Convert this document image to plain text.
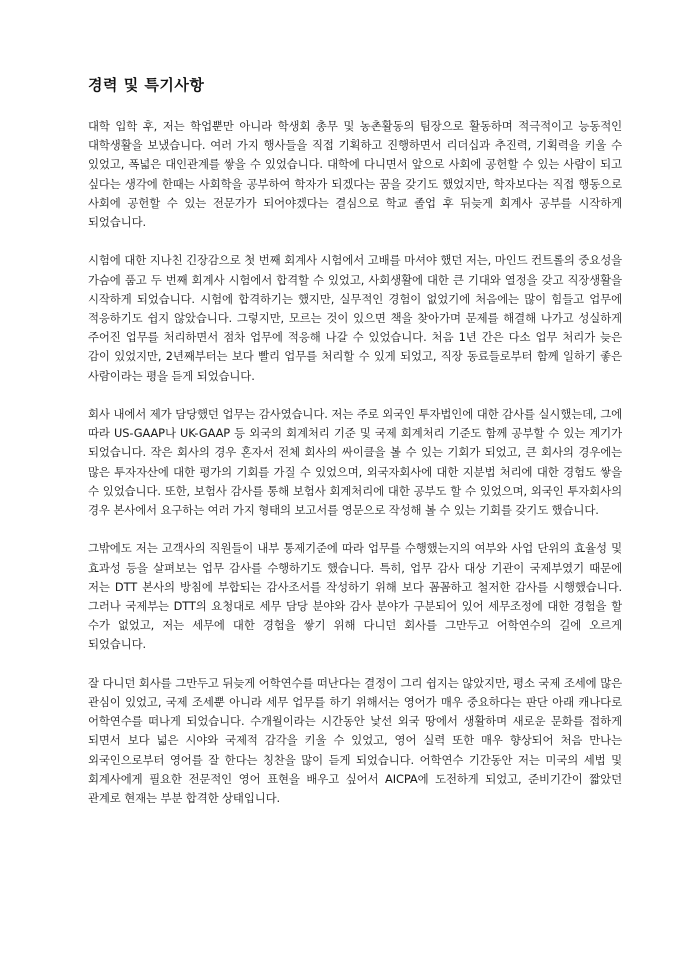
경력 및 특기사항

대학 입학 후, 저는 학업뿐만 아니라 학생회 총무 및 농촌활동의 팀장으로 활동하며 적극적이고 능동적인 대학생활을 보냈습니다. 여러 가지 행사들을 직접 기획하고 진행하면서 리더십과 추진력, 기획력을 키울 수 있었고, 폭넓은 대인관계를 쌓을 수 있었습니다. 대학에 다니면서 앞으로 사회에 공헌할 수 있는 사람이 되고 싶다는 생각에 한때는 사회학을 공부하여 학자가 되겠다는 꿈을 갖기도 했었지만, 학자보다는 직접 행동으로 사회에 공헌할 수 있는 전문가가 되어야겠다는 결심으로 학교 졸업 후 뒤늦게 회계사 공부를 시작하게 되었습니다.

시험에 대한 지나친 긴장감으로 첫 번째 회계사 시험에서 고배를 마셔야 했던 저는, 마인드 컨트롤의 중요성을 가슴에 품고 두 번째 회계사 시험에서 합격할 수 있었고, 사회생활에 대한 큰 기대와 열정을 갖고 직장생활을 시작하게 되었습니다. 시험에 합격하기는 했지만, 실무적인 경험이 없었기에 처음에는 많이 힘들고 업무에 적응하기도 쉽지 않았습니다. 그렇지만, 모르는 것이 있으면 책을 찾아가며 문제를 해결해 나가고 성실하게 주어진 업무를 처리하면서 점차 업무에 적응해 나갈 수 있었습니다. 처음 1년 간은 다소 업무 처리가 늦은 감이 있었지만, 2년째부터는 보다 빨리 업무를 처리할 수 있게 되었고, 직장 동료들로부터 함께 일하기 좋은 사람이라는 평을 듣게 되었습니다.

회사 내에서 제가 담당했던 업무는 감사였습니다. 저는 주로 외국인 투자법인에 대한 감사를 실시했는데, 그에 따라 US-GAAP나 UK-GAAP 등 외국의 회계처리 기준 및 국제 회계처리 기준도 함께 공부할 수 있는 계기가 되었습니다. 작은 회사의 경우 혼자서 전체 회사의 싸이클을 볼 수 있는 기회가 되었고, 큰 회사의 경우에는 많은 투자자산에 대한 평가의 기회를 가질 수 있었으며, 외국자회사에 대한 지분법 처리에 대한 경험도 쌓을 수 있었습니다. 또한, 보험사 감사를 통해 보험사 회계처리에 대한 공부도 할 수 있었으며, 외국인 투자회사의 경우 본사에서 요구하는 여러 가지 형태의 보고서를 영문으로 작성해 볼 수 있는 기회를 갖기도 했습니다.

그밖에도 저는 고객사의 직원들이 내부 통제기준에 따라 업무를 수행했는지의 여부와 사업 단위의 효율성 및 효과성 등을 살펴보는 업무 감사를 수행하기도 했습니다. 특히, 업무 감사 대상 기관이 국제부였기 때문에 저는 DTT 본사의 방침에 부합되는 감사조서를 작성하기 위해 보다 꼼꼼하고 철저한 감사를 시행했습니다. 그러나 국제부는 DTT의 요청대로 세무 담당 분야와 감사 분야가 구분되어 있어 세무조정에 대한 경험을 할 수가 없었고, 저는 세무에 대한 경험을 쌓기 위해 다니던 회사를 그만두고 어학연수의 길에 오르게 되었습니다.

잘 다니던 회사를 그만두고 뒤늦게 어학연수를 떠난다는 결정이 그리 쉽지는 않았지만, 평소 국제 조세에 많은 관심이 있었고, 국제 조세뿐 아니라 세무 업무를 하기 위해서는 영어가 매우 중요하다는 판단 아래 캐나다로 어학연수를 떠나게 되었습니다. 수개월이라는 시간동안 낯선 외국 땅에서 생활하며 새로운 문화를 접하게 되면서 보다 넓은 시야와 국제적 감각을 키울 수 있었고, 영어 실력 또한 매우 향상되어 처음 만나는 외국인으로부터 영어를 잘 한다는 칭찬을 많이 듣게 되었습니다. 어학연수 기간동안 저는 미국의 세법 및 회계사에게 필요한 전문적인 영어 표현을 배우고 싶어서 AICPA에 도전하게 되었고, 준비기간이 짧았던 관계로 현재는 부분 합격한 상태입니다.
